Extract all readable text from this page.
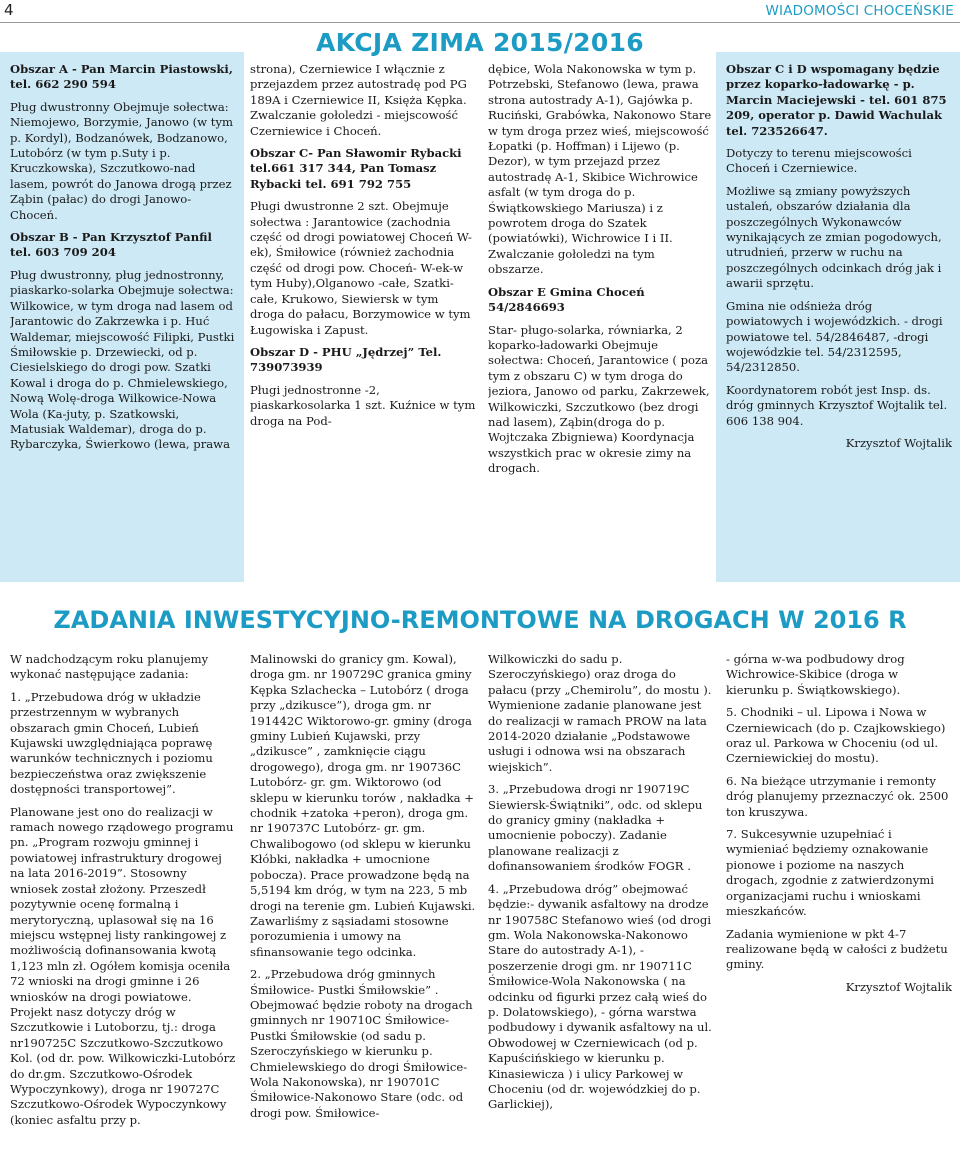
4	WIADOMOŚCI CHOCEŃSKIE
AKCJA ZIMA 2015/2016

Obszar A - Pan Marcin Piastowski, tel. 662 290 594

Pług dwustronny Obejmuje sołectwa: Niemojewo, Borzymie, Janowo (w tym p. Kordyl), Bodzanówek, Bodzanowo, Lutobórz (w tym p.Suty i p. Kruczkowska), Szczutkowo-nad lasem, powrót do Janowa drogą przez Ząbin (pałac) do drogi Janowo-Choceń.

Obszar B - Pan Krzysztof Panfil tel. 603 709 204

Pług dwustronny, pług jednostronny, piaskarko-solarka Obejmuje sołectwa: Wilkowice, w tym droga nad lasem od Jarantowic do Zakrzewka i p. Huć Waldemar, miejscowość Filipki, Pustki Śmiłowskie p. Drzewiecki, od p. Ciesielskiego do drogi pow. Szatki Kowal i droga do p. Chmielewskiego, Nową Wolę-droga Wilkowice-Nowa Wola (Ka-juty, p. Szatkowski, Matusiak Waldemar), droga do p. Rybarczyka, Świerkowo (lewa, prawa

strona), Czerniewice I włącznie z przejazdem przez autostradę pod PG 189A i Czerniewice II, Księża Kępka. Zwalczanie gołoledzi - miejscowość Czerniewice i Choceń.

Obszar C- Pan Sławomir Rybacki tel.661 317 344, Pan Tomasz Rybacki tel. 691 792 755

Pługi dwustronne 2 szt. Obejmuje sołectwa : Jarantowice (zachodnia część od drogi powiatowej Choceń W-ek), Śmiłowice (również zachodnia część od drogi pow. Choceń- W-ek-w tym Huby),Olganowo -całe, Szatki-całe, Krukowo, Siewiersk w tym droga do pałacu, Borzymowice w tym Ługowiska i Zapust.

Obszar D - PHU „Jędrzej” Tel. 739073939

Pługi jednostronne -2, piaskarkosolarka 1 szt. Kuźnice w tym droga na Pod-

dębice, Wola Nakonowska w tym p. Potrzebski, Stefanowo (lewa, prawa strona autostrady A-1), Gajówka p. Ruciński, Grabówka, Nakonowo Stare w tym droga przez wieś, miejscowość Łopatki (p. Hoffman) i Lijewo (p. Dezor), w tym przejazd przez autostradę A-1, Skibice Wichrowice asfalt (w tym droga do p. Świątkowskiego Mariusza) i z powrotem droga do Szatek (powiatówki), Wichrowice I i II. Zwalczanie gołoledzi na tym obszarze.

Obszar E Gmina Choceń 54/2846693

Star- pługo-solarka, równiarka, 2 koparko-ładowarki Obejmuje sołectwa: Choceń, Jarantowice ( poza tym z obszaru C) w tym droga do jeziora, Janowo od parku, Zakrzewek, Wilkowiczki, Szczutkowo (bez drogi nad lasem), Ząbin(droga do p. Wojtczaka Zbigniewa) Koordynacja wszystkich prac w okresie zimy na drogach.

Obszar C i D wspomagany będzie przez koparko-ładowarkę - p. Marcin Maciejewski - tel. 601 875 209, operator p. Dawid Wachulak tel. 723526647.

Dotyczy to terenu miejscowości Choceń i Czerniewice.

Możliwe są zmiany powyższych ustaleń, obszarów działania dla poszczególnych Wykonawców wynikających ze zmian pogodowych, utrudnień, przerw w ruchu na poszczególnych odcinkach dróg jak i awarii sprzętu.

Gmina nie odśnieża dróg powiatowych i wojewódzkich. - drogi powiatowe tel. 54/2846487, -drogi wojewódzkie tel. 54/2312595, 54/2312850.

Koordynatorem robót jest Insp. ds. dróg gminnych Krzysztof Wojtalik tel. 606 138 904.

Krzysztof Wojtalik

ZADANIA INWESTYCYJNO-REMONTOWE NA DROGACH W 2016 R

W nadchodzącym roku planujemy wykonać następujące zadania:

1. „Przebudowa dróg w układzie przestrzennym w wybranych obszarach gmin Choceń, Lubień Kujawski uwzględniająca poprawę warunków technicznych i poziomu bezpieczeństwa oraz zwiększenie dostępności transportowej”.

Planowane jest ono do realizacji w ramach nowego rządowego programu pn. „Program rozwoju gminnej i powiatowej infrastruktury drogowej na lata 2016-2019”. Stosowny wniosek został złożony. Przeszedł pozytywnie ocenę formalną i merytoryczną, uplasował się na 16 miejscu wstępnej listy rankingowej z możliwością dofinansowania kwotą 1,123 mln zł. Ogółem komisja oceniła 72 wnioski na drogi gminne i 26 wniosków na drogi powiatowe. Projekt nasz dotyczy dróg w Szczutkowie i Lutoborzu, tj.: droga nr190725C Szczutkowo-Szczutkowo Kol. (od dr. pow. Wilkowiczki-Lutobórz do dr.gm. Szczutkowo-Ośrodek Wypoczynkowy), droga nr 190727C Szczutkowo-Ośrodek Wypoczynkowy (koniec asfaltu przy p.

Malinowski do granicy gm. Kowal), droga gm. nr 190729C granica gminy Kępka Szlachecka – Lutobórz ( droga przy „dzikusce”), droga gm. nr 191442C Wiktorowo-gr. gminy (droga gminy Lubień Kujawski, przy „dzikusce” , zamknięcie ciągu drogowego), droga gm. nr 190736C Lutobórz- gr. gm. Wiktorowo (od sklepu w kierunku torów , nakładka + chodnik +zatoka +peron), droga gm. nr 190737C Lutobórz- gr. gm. Chwalibogowo (od sklepu w kierunku Kłóbki, nakładka + umocnione pobocza). Prace prowadzone będą na 5,5194 km dróg, w tym na 223, 5 mb drogi na terenie gm. Lubień Kujawski. Zawarliśmy z sąsiadami stosowne porozumienia i umowy na sfinansowanie tego odcinka.

2. „Przebudowa dróg gminnych Śmiłowice- Pustki Śmiłowskie” . Obejmować będzie roboty na drogach gminnych nr 190710C Śmiłowice-Pustki Śmiłowskie (od sadu p. Szeroczyńskiego w kierunku p. Chmielewskiego do drogi Śmiłowice-Wola Nakonowska), nr 190701C Śmiłowice-Nakonowo Stare (odc. od drogi pow. Śmiłowice-

Wilkowiczki do sadu p. Szeroczyńskiego) oraz droga do pałacu (przy „Chemirolu”, do mostu ). Wymienione zadanie planowane jest do realizacji w ramach PROW na lata 2014-2020 działanie „Podstawowe usługi i odnowa wsi na obszarach wiejskich”.

3. „Przebudowa drogi nr 190719C Siewiersk-Świątniki”, odc. od sklepu do granicy gminy (nakładka + umocnienie poboczy). Zadanie planowane realizacji z dofinansowaniem środków FOGR .

4. „Przebudowa dróg” obejmować będzie:- dywanik asfaltowy na drodze nr 190758C Stefanowo wieś (od drogi gm. Wola Nakonowska-Nakonowo Stare do autostrady A-1), - poszerzenie drogi gm. nr 190711C Śmiłowice-Wola Nakonowska ( na odcinku od figurki przez całą wieś do p. Dolatowskiego), - górna warstwa podbudowy i dywanik asfaltowy na ul. Obwodowej w Czerniewicach (od p. Kapuścińskiego w kierunku p. Kinasiewicza ) i ulicy Parkowej w Choceniu (od dr. wojewódzkiej do p. Garlickiej),

- górna w-wa podbudowy drog Wichrowice-Skibice (droga w kierunku p. Świątkowskiego).

5. Chodniki – ul. Lipowa i Nowa w Czerniewicach (do p. Czajkowskiego) oraz ul. Parkowa w Choceniu (od ul. Czerniewickiej do mostu).

6. Na bieżące utrzymanie i remonty dróg planujemy przeznaczyć ok. 2500 ton kruszywa.

7. Sukcesywnie uzupełniać i wymieniać będziemy oznakowanie pionowe i poziome na naszych drogach, zgodnie z zatwierdzonymi organizacjami ruchu i wnioskami mieszkańców.

Zadania wymienione w pkt 4-7 realizowane będą w całości z budżetu gminy.

Krzysztof Wojtalik
